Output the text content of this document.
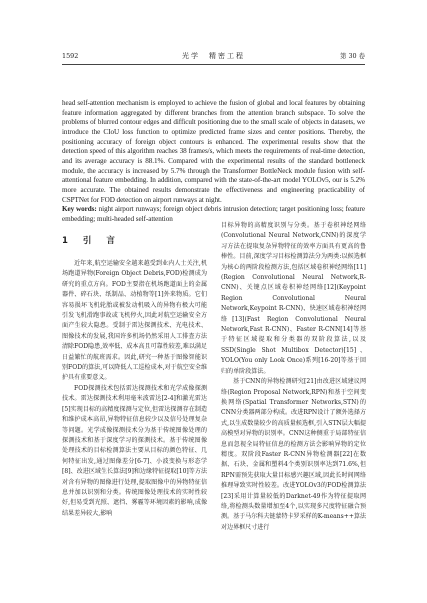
1592	光学　精密工程	第 30 卷

head self-attention mechanism is employed to achieve the fusion of global and local features by obtaining feature information aggregated by different branches from the attention branch subspace. To solve the problems of blurred contour edges and difficult positioning due to the small scale of objects in datasets, we introduce the CIoU loss function to optimize predicted frame sizes and center positions. Thereby, the positioning accuracy of foreign object contours is enhanced. The experimental results show that the detection speed of this algorithm reaches 38 frames/s, which meets the requirements of real-time detection, and its average accuracy is 88.1%. Compared with the experimental results of the standard bottleneck module, the accuracy is increased by 5.7% through the Transformer BottleNeck module fusion with self-attentional feature embedding. In addition, compared with the state-of-the-art model YOLOv5, our is 5.2% more accurate. The obtained results demonstrate the effectiveness and engineering practicability of CSPTNet for FOD detection on airport runways at night.

Key words: night airport runways; foreign object debris intrusion detection; target positioning loss; feature embedding; multi-headed self-attention

1 引 言

近年来,航空运输安全越来越受到业内人士关注,机场跑道异物(Foreign Object Debris,FOD)检测成为研究的重点方向。FOD主要指在机场跑道面上的金属器件、碎石块、纸制品、动植物等[1]外来物质。它们容易损坏飞机轮胎或被发动机吸入的异物有极大可能引发飞机滑跑事故或飞机停火,因此对航空运输安全方面产生较大隐患。受制于雷达探测技术、光电技术、图像技术的发展,我国许多机场仍然采用人工排查方法清除FOD隐患,效率低、成本高且可靠性较差,难以满足日益繁忙的航班需求。因此,研究一种基于图像智能识别FOD的算法,可以降低人工巡检成本,对于航空安全维护具有重要意义。

FOD探测技术包括雷达探测技术和光学成像探测技术。雷达探测技术利用毫米波雷达[2-4]和激光雷达[5]实现目标的高精度探测与定位,但雷达探测存在制造和维护成本高昂,异物特征信息较少以及信号处理复杂等问题。光学成像探测技术分为基于传统图像处理的探测技术和基于深度学习的探测技术。基于传统图像处理技术的目标检测算法主要从目标的颜色特征、几何特征出发,通过图像差分[6-7]、小波变换与形态学[8]、改进区域生长算法[9]和边缘特征提取[10]等方法对含有异物的图像进行处理,提取图像中的异物特征信息并加以识别和分类。传统图像处理技术的实时性较好,但易受到光照、遮挡、雾霾等环境因素的影响,成像结果差异较大,影响

目标异物的高精度识别与分类。基于卷积神经网络(Convolutional Neural Network,CNN)的深度学习方法在提取复杂异物特征的效率方面具有更高的鲁棒性。目前,深度学习目标检测算法分为两类:以候选框为核心的两阶段检测方法,包括区域卷积神经网络[11](Region Convolutional Neural Network,R-CNN)、关键点区域卷积神经网络[12](Keypoint Region Convolutional Neural Network,Keypoint R-CNN)、快速区域卷积神经网络[13](Fast Region Convolutional Neural Network,Fast R-CNN)、Faster R-CNN[14]等基于特征区域提取和分类器的双阶段算法,以及SSD(Single Shot Multibox Detector)[15]、YOLO(You only Look Once)系列[16-20]等基于回归的单阶段算法。

基于CNN的异物检测研究[21]由改进区域建议网络(Region Proposal Network,RPN)和基于空间变换网络(Spatial Transformer Networks,STN)的CNN分类器两部分构成。改进RPN设计了额外选择方式,以生成数量较少的高质量候选框,引入STN层大幅提高模型对异物的识别率。CNN这种侧重于局部特征信息而忽视全局特征信息的检测方法会影响异物的定位精度。双阶段Faster R-CNN异物检测器[22]在数据、石块、金属和塑料4个类别识别率达到71.6%,但RPN需预先获取大量目标感兴趣区域,因此长时间网络推理导致实时性较差。改进YOLOv3的FOD检测算法[23]采用计算量较低的Darknet-49作为特征提取网络,将检测头数量增加至4个,以实现多尺度特征融合预测。基于马尔科夫链蒙特卡罗采样的K-means++算法对边界框尺寸进行
